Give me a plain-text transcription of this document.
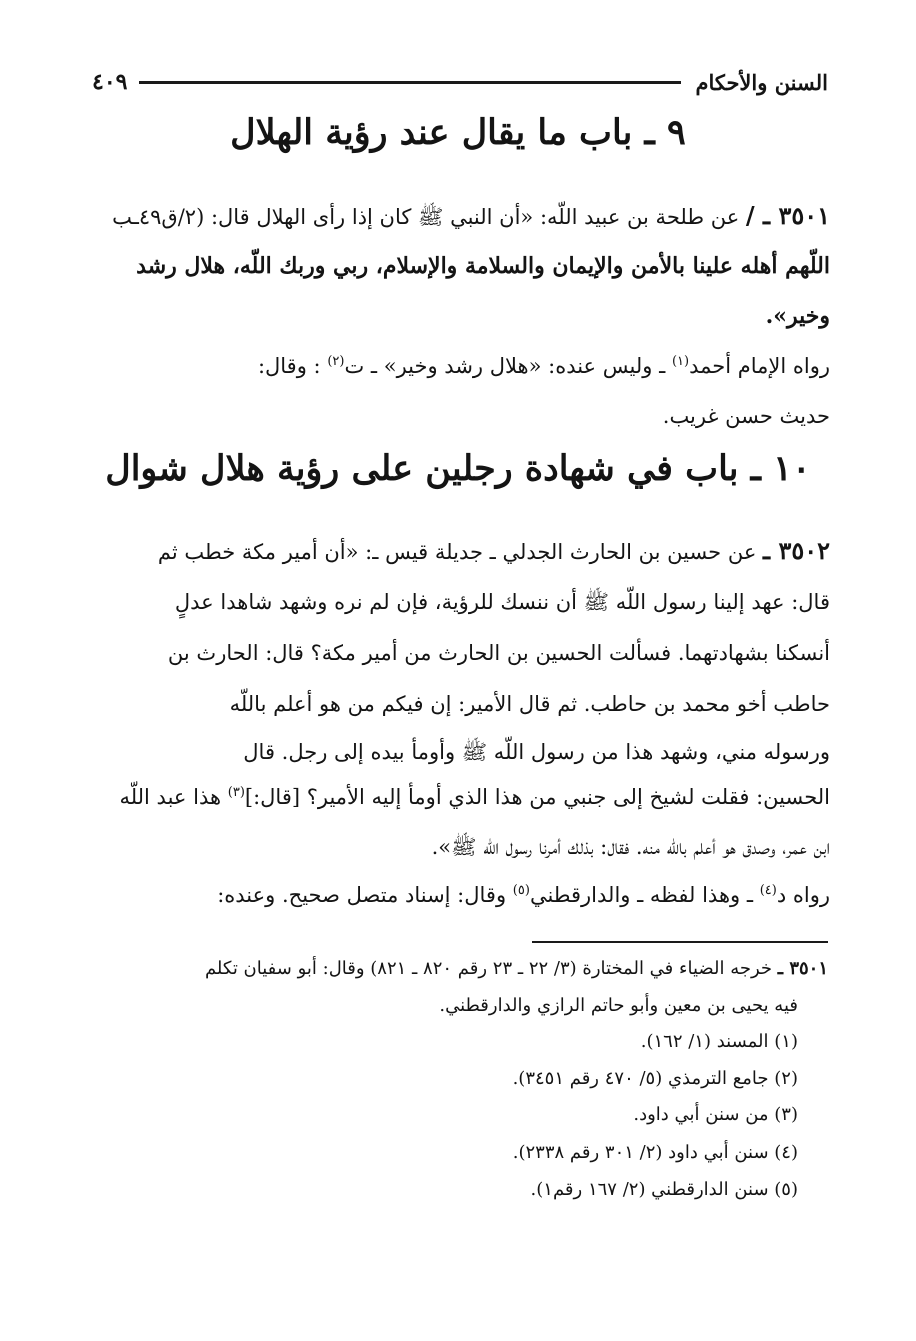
السنن والأحكام
٤٠٩
٩ ـ باب ما يقال عند رؤية الهلال
٣٥٠١ ـ / عن طلحة بن عبيد اللّه: «أن النبي ﷺ كان إذا رأى الهلال قال: (٢/ق٤٩ـب
اللّهم أهله علينا بالأمن والإيمان والسلامة والإسلام، ربي وربك اللّه، هلال رشد
وخير».
رواه الإمام أحمد$^{(١)}$ ـ وليس عنده: «هلال رشد وخير» ـ ت$^{(٢)}$ : وقال:
حديث حسن غريب.
١٠ ـ باب في شهادة رجلين على رؤية هلال شوال
٣٥٠٢ ـ عن حسين بن الحارث الجدلي ـ جديلة قيس ـ: «أن أمير مكة خطب ثم
قال: عهد إلينا رسول اللّه ﷺ أن ننسك للرؤية، فإن لم نره وشهد شاهدا عدلٍ
أنسكنا بشهادتهما. فسألت الحسين بن الحارث من أمير مكة؟ قال: الحارث بن
حاطب أخو محمد بن حاطب. ثم قال الأمير: إن فيكم من هو أعلم باللّه
ورسوله مني، وشهد هذا من رسول اللّه ﷺ وأومأ بيده إلى رجل. قال
الحسين: فقلت لشيخ إلى جنبي من هذا الذي أومأ إليه الأمير؟ [قال:]$^{(٣)}$ هذا عبد اللّه
ابن عمر، وصدق هو أعلم باللّه منه. فقال: بذلك أمرنا رسول اللّه ﷺ».
رواه د$^{(٤)}$ ـ وهذا لفظه ـ والدارقطني$^{(٥)}$ وقال: إسناد متصل صحيح. وعنده:
٣٥٠١ ـ خرجه الضياء في المختارة (٣/ ٢٢ ـ ٢٣ رقم ٨٢٠ ـ ٨٢١) وقال: أبو سفيان تكلم
فيه يحيى بن معين وأبو حاتم الرازي والدارقطني.
(١) المسند (١/ ١٦٢).
(٢) جامع الترمذي (٥/ ٤٧٠ رقم ٣٤٥١).
(٣) من سنن أبي داود.
(٤) سنن أبي داود (٢/ ٣٠١ رقم ٢٣٣٨).
(٥) سنن الدارقطني (٢/ ١٦٧ رقم١).
